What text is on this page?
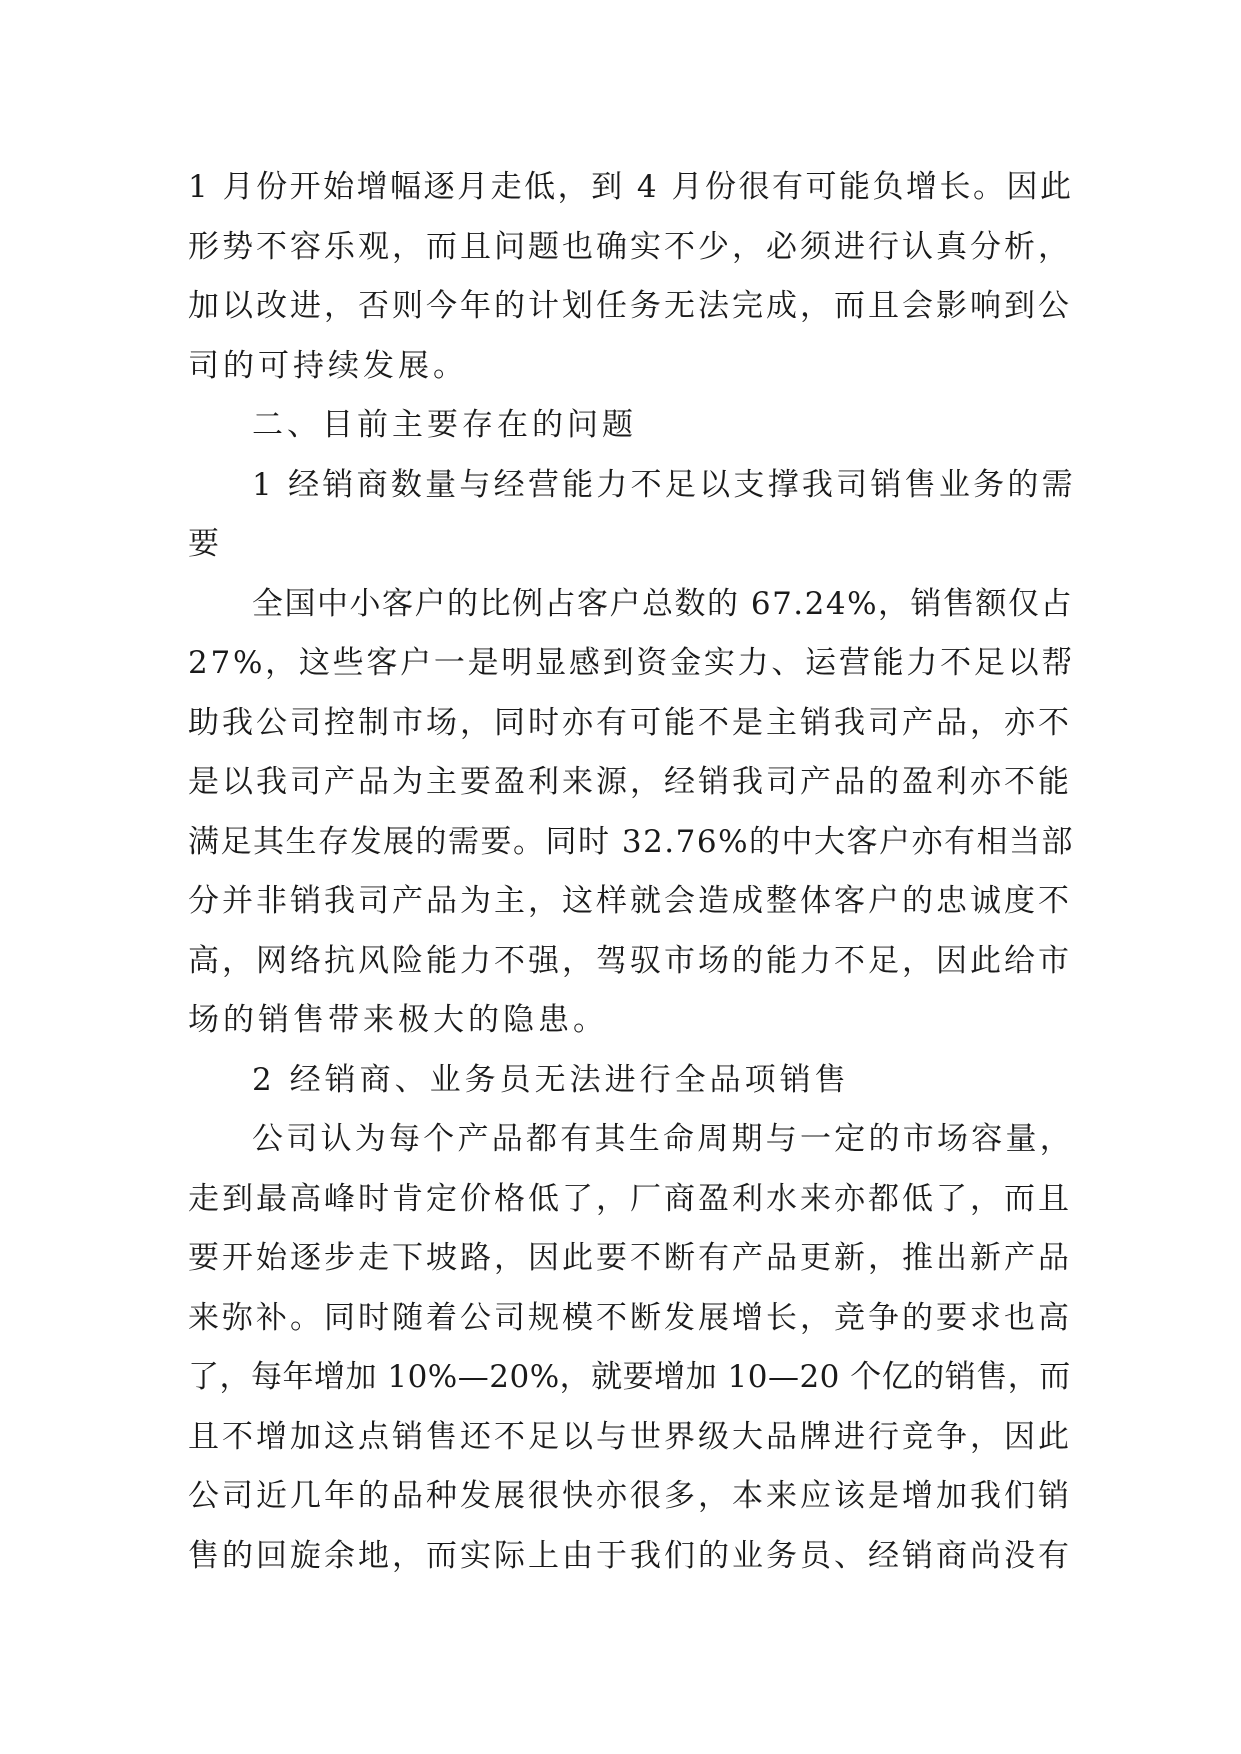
1 月份开始增幅逐月走低，到 4 月份很有可能负增长。因此
形势不容乐观，而且问题也确实不少，必须进行认真分析，
加以改进，否则今年的计划任务无法完成，而且会影响到公
司的可持续发展。
二、目前主要存在的问题
1 经销商数量与经营能力不足以支撑我司销售业务的需
要
全国中小客户的比例占客户总数的 67.24%，销售额仅占
27%，这些客户一是明显感到资金实力、运营能力不足以帮
助我公司控制市场，同时亦有可能不是主销我司产品，亦不
是以我司产品为主要盈利来源，经销我司产品的盈利亦不能
满足其生存发展的需要。同时 32.76%的中大客户亦有相当部
分并非销我司产品为主，这样就会造成整体客户的忠诚度不
高，网络抗风险能力不强，驾驭市场的能力不足，因此给市
场的销售带来极大的隐患。
2 经销商、业务员无法进行全品项销售
公司认为每个产品都有其生命周期与一定的市场容量，
走到最高峰时肯定价格低了，厂商盈利水来亦都低了，而且
要开始逐步走下坡路，因此要不断有产品更新，推出新产品
来弥补。同时随着公司规模不断发展增长，竞争的要求也高
了，每年增加 10%—20%，就要增加 10—20 个亿的销售，而
且不增加这点销售还不足以与世界级大品牌进行竞争，因此
公司近几年的品种发展很快亦很多，本来应该是增加我们销
售的回旋余地，而实际上由于我们的业务员、经销商尚没有
